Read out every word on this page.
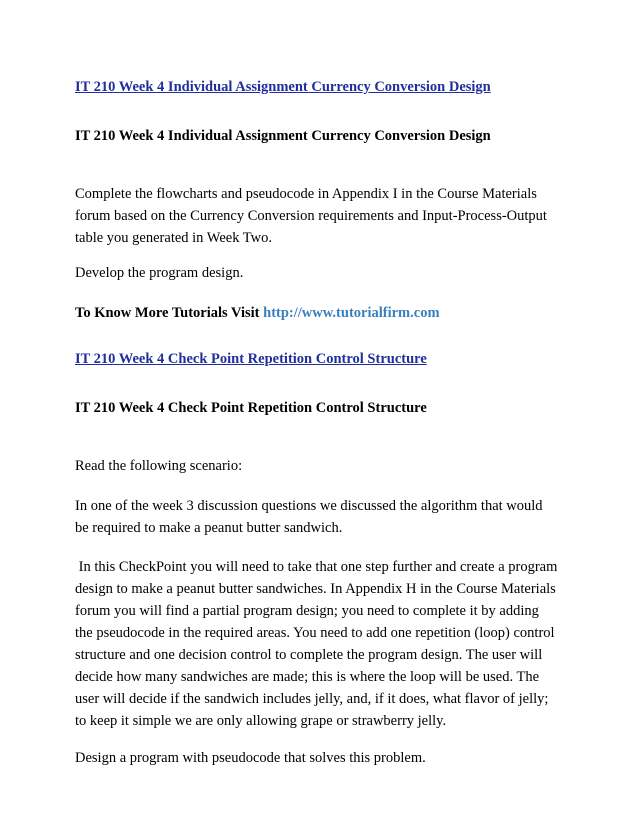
IT 210 Week 4 Individual Assignment Currency Conversion Design
IT 210 Week 4 Individual Assignment Currency Conversion Design
Complete the flowcharts and pseudocode in Appendix I in the Course Materials
forum based on the Currency Conversion requirements and Input-Process-Output
table you generated in Week Two.
Develop the program design.
To Know More Tutorials Visit http://www.tutorialfirm.com
IT 210 Week 4 Check Point Repetition Control Structure
IT 210 Week 4 Check Point Repetition Control Structure
Read the following scenario:
In one of the week 3 discussion questions we discussed the algorithm that would
be required to make a peanut butter sandwich.
In this CheckPoint you will need to take that one step further and create a program
design to make a peanut butter sandwiches. In Appendix H in the Course Materials
forum you will find a partial program design; you need to complete it by adding
the pseudocode in the required areas. You need to add one repetition (loop) control
structure and one decision control to complete the program design. The user will
decide how many sandwiches are made; this is where the loop will be used. The
user will decide if the sandwich includes jelly, and, if it does, what flavor of jelly;
to keep it simple we are only allowing grape or strawberry jelly.
Design a program with pseudocode that solves this problem.
